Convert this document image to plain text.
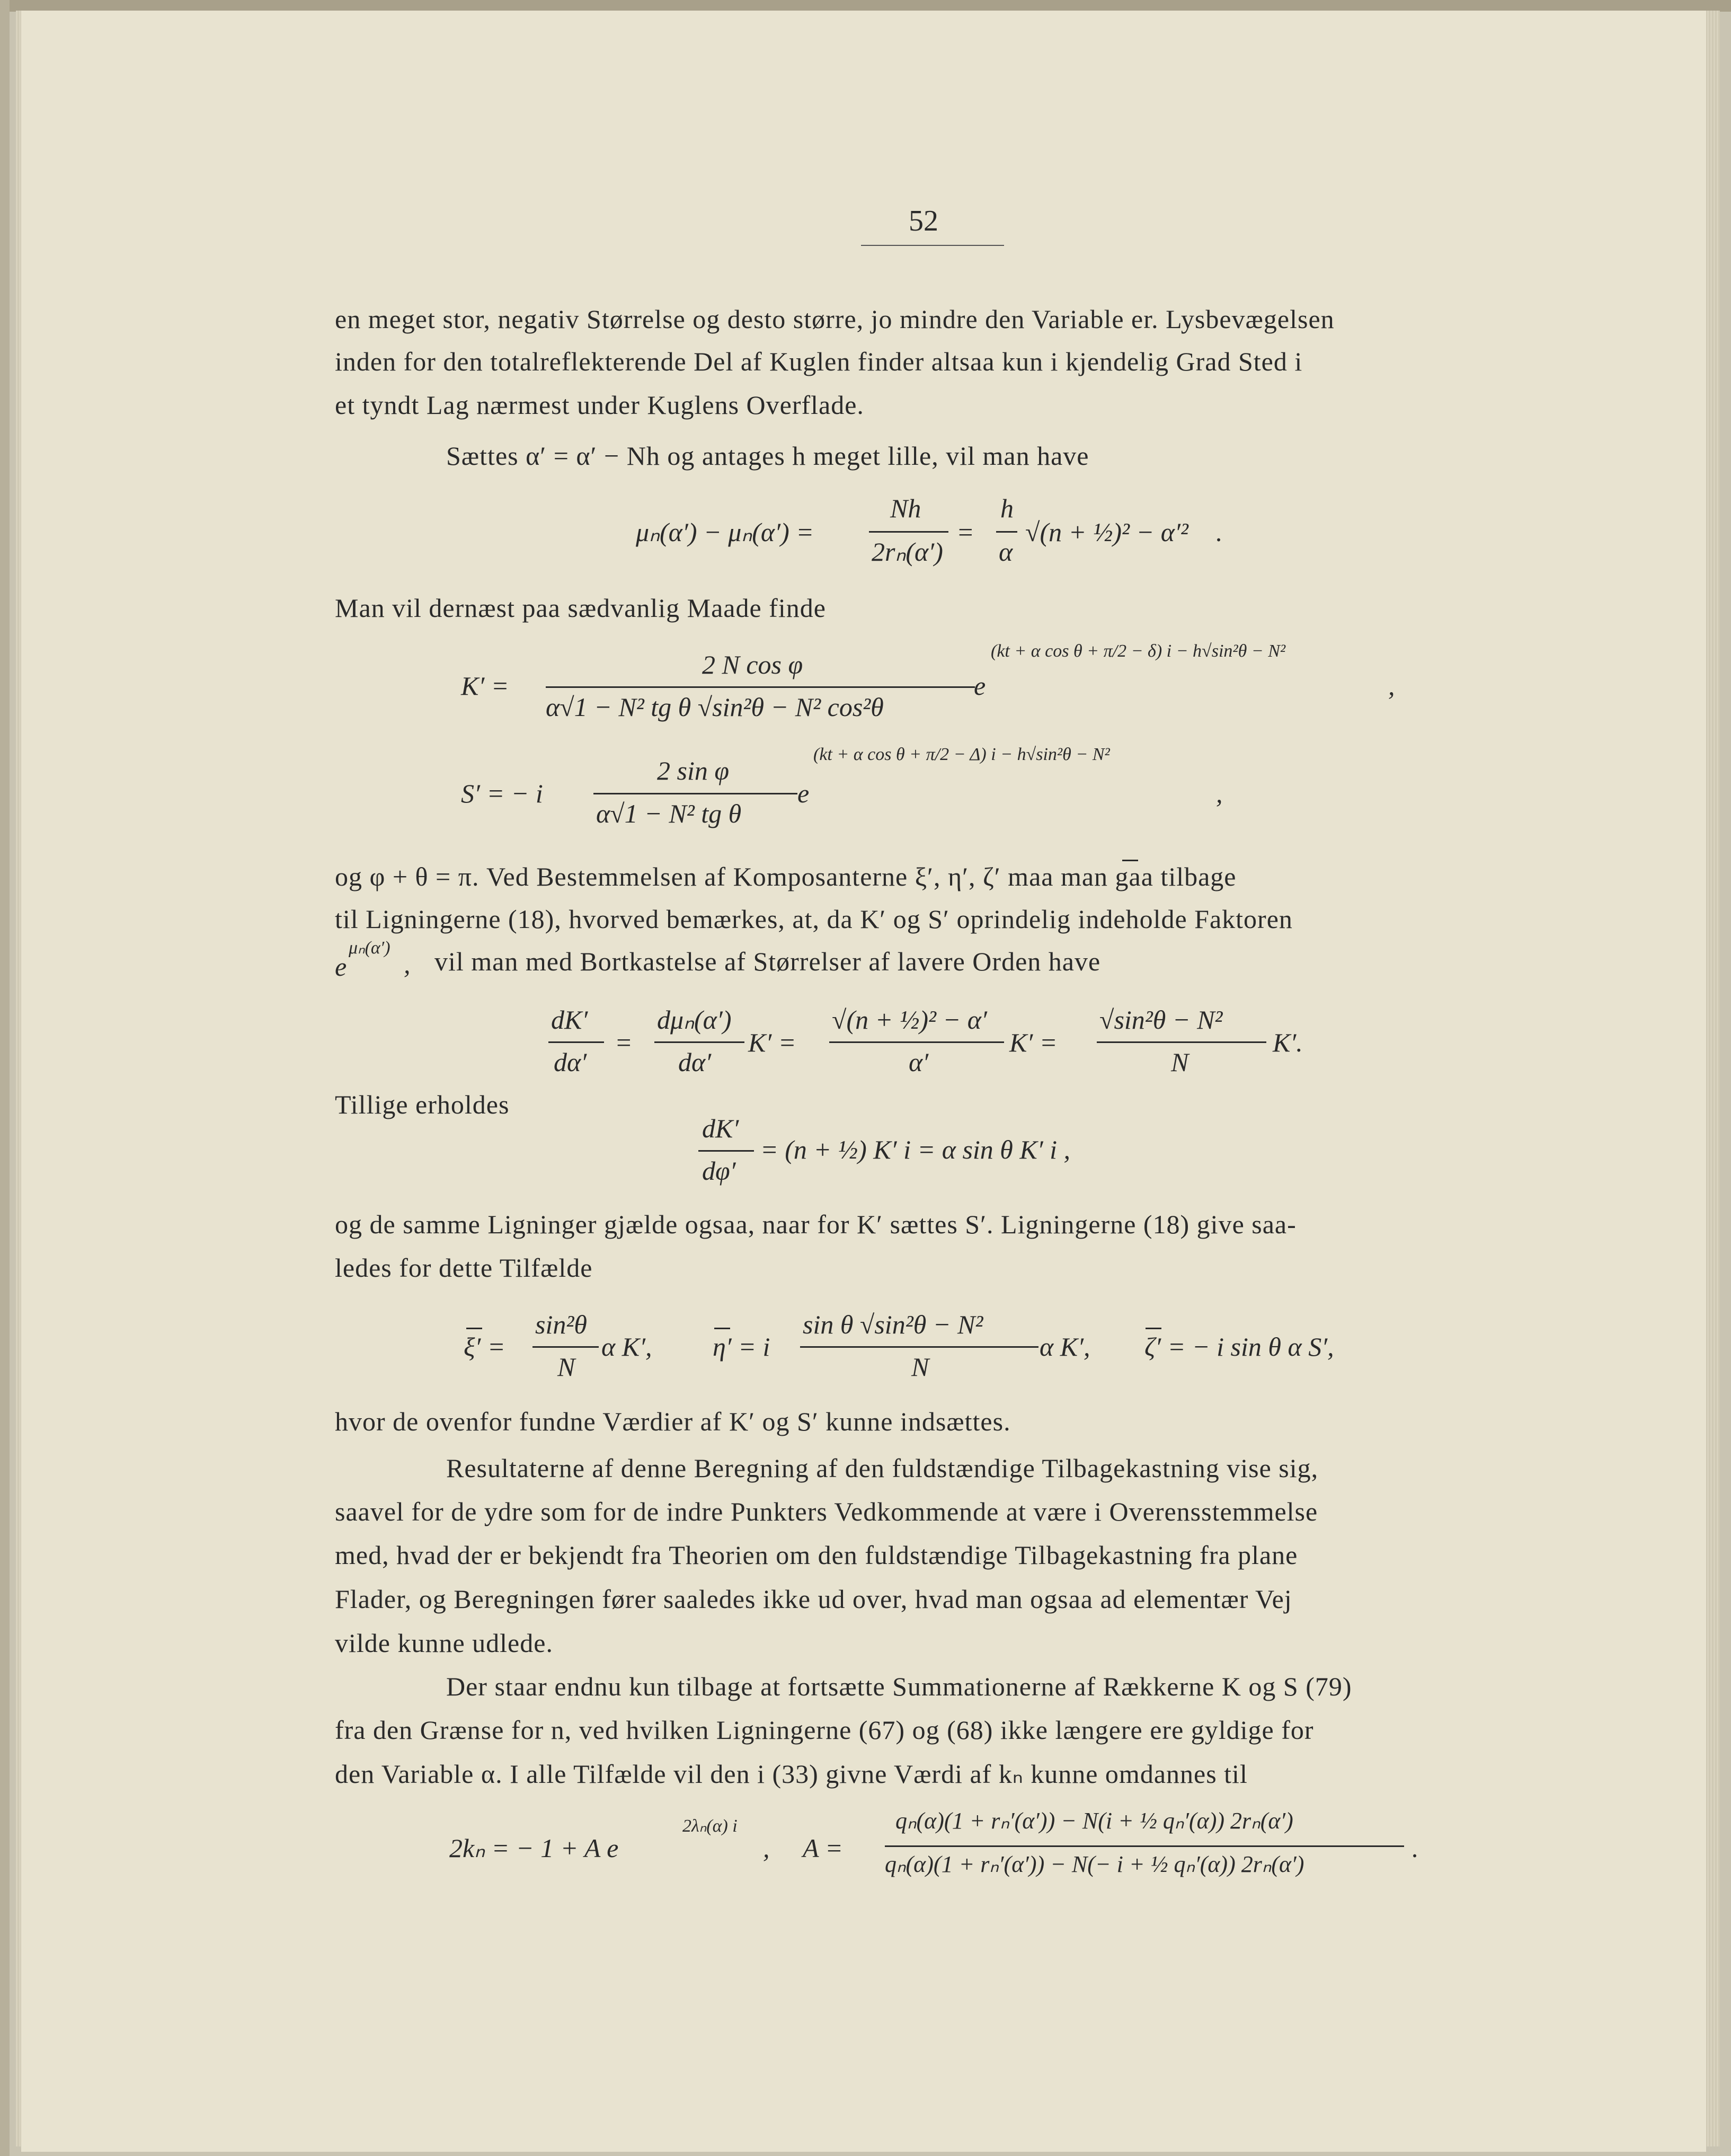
52
en meget stor, negativ Størrelse og desto større, jo mindre den Variable er. Lysbevægelsen
inden for den totalreflekterende Del af Kuglen finder altsaa kun i kjendelig Grad Sted i
et tyndt Lag nærmest under Kuglens Overflade.
Sættes α′ = α′ − Nh og antages h meget lille, vil man have
μₙ(α′) − μₙ(α′) =
Nh
2rₙ(α′)
=
h
α
√(n + ½)² − α′² .
Man vil dernæst paa sædvanlig Maade finde
K′ =
2 N cos φ
α√1 − N² tg θ √sin²θ − N² cos²θ
e
(kt + α cos θ + π/2 − δ) i − h√sin²θ − N²
,
S′ = − i
2 sin φ
α√1 − N² tg θ
e
(kt + α cos θ + π/2 − Δ) i − h√sin²θ − N²
,
og φ + θ = π. Ved Bestemmelsen af Komposanterne ξ′, η′, ζ′ maa man gaa tilbage
til Ligningerne (18), hvorved bemærkes, at, da K′ og S′ oprindelig indeholde Faktoren
e
μₙ(α′)
, vil man med Bortkastelse af Størrelser af lavere Orden have
dK′
dα′
=
dμₙ(α′)
dα′
K′ =
√(n + ½)² − α′
α′
K′ =
√sin²θ − N²
N
K′.
Tillige erholdes
dK′
dφ′
= (n + ½) K′ i = α sin θ K′ i ,
og de samme Ligninger gjælde ogsaa, naar for K′ sættes S′. Ligningerne (18) give saa-
ledes for dette Tilfælde
ξ′ =
sin²θ
N
α K′, η′ = i
sin θ √sin²θ − N²
N
α K′, ζ′ = − i sin θ α S′,
hvor de ovenfor fundne Værdier af K′ og S′ kunne indsættes.
Resultaterne af denne Beregning af den fuldstændige Tilbagekastning vise sig,
saavel for de ydre som for de indre Punkters Vedkommende at være i Overensstemmelse
med, hvad der er bekjendt fra Theorien om den fuldstændige Tilbagekastning fra plane
Flader, og Beregningen fører saaledes ikke ud over, hvad man ogsaa ad elementær Vej
vilde kunne udlede.
Der staar endnu kun tilbage at fortsætte Summationerne af Rækkerne K og S (79)
fra den Grænse for n, ved hvilken Ligningerne (67) og (68) ikke længere ere gyldige for
den Variable α. I alle Tilfælde vil den i (33) givne Værdi af kₙ kunne omdannes til
2kₙ = − 1 + A e
2λₙ(α) i
, A =
qₙ(α)(1 + rₙ′(α′)) − N(i + ½ qₙ′(α)) 2rₙ(α′)
qₙ(α)(1 + rₙ′(α′)) − N(− i + ½ qₙ′(α)) 2rₙ(α′)
.
